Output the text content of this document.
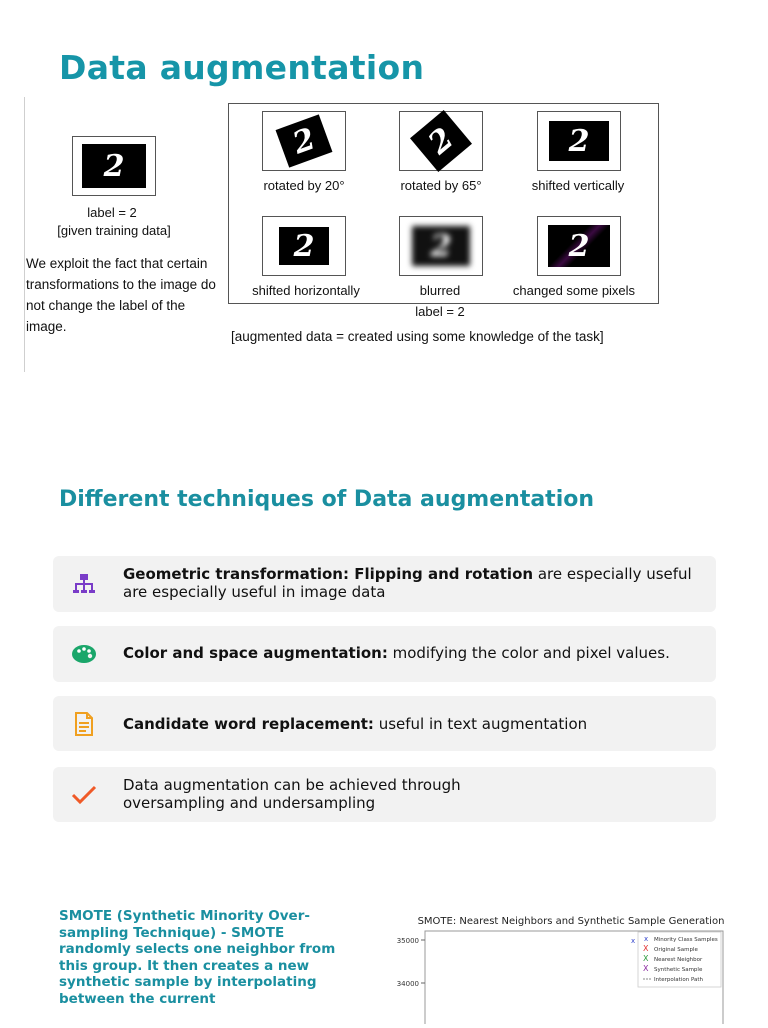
Data augmentation
2
label = 2
[given training data]
We exploit the fact that certain transformations to the image do not change the label of the image.
2
rotated by 20°
2
rotated by 65°
2
shifted vertically
2
shifted horizontally
2
blurred
2
changed some pixels
label = 2
[augmented data = created using some knowledge of the task]
Different techniques of Data augmentation
Geometric transformation: Flipping and rotation are especially useful are especially useful in image data
Color and space augmentation: modifying the color and pixel values.
Candidate word replacement: useful in text augmentation
Data augmentation can be achieved through oversampling and undersampling
SMOTE (Synthetic Minority Over-sampling Technique) - SMOTE randomly selects one neighbor from this group. It then creates a new synthetic sample by interpolating between the current
SMOTE: Nearest Neighbors and Synthetic Sample Generation
35000
34000
x x Minority Class Samples
X Original Sample
X Nearest Neighbor
X Synthetic Sample
Interpolation Path
